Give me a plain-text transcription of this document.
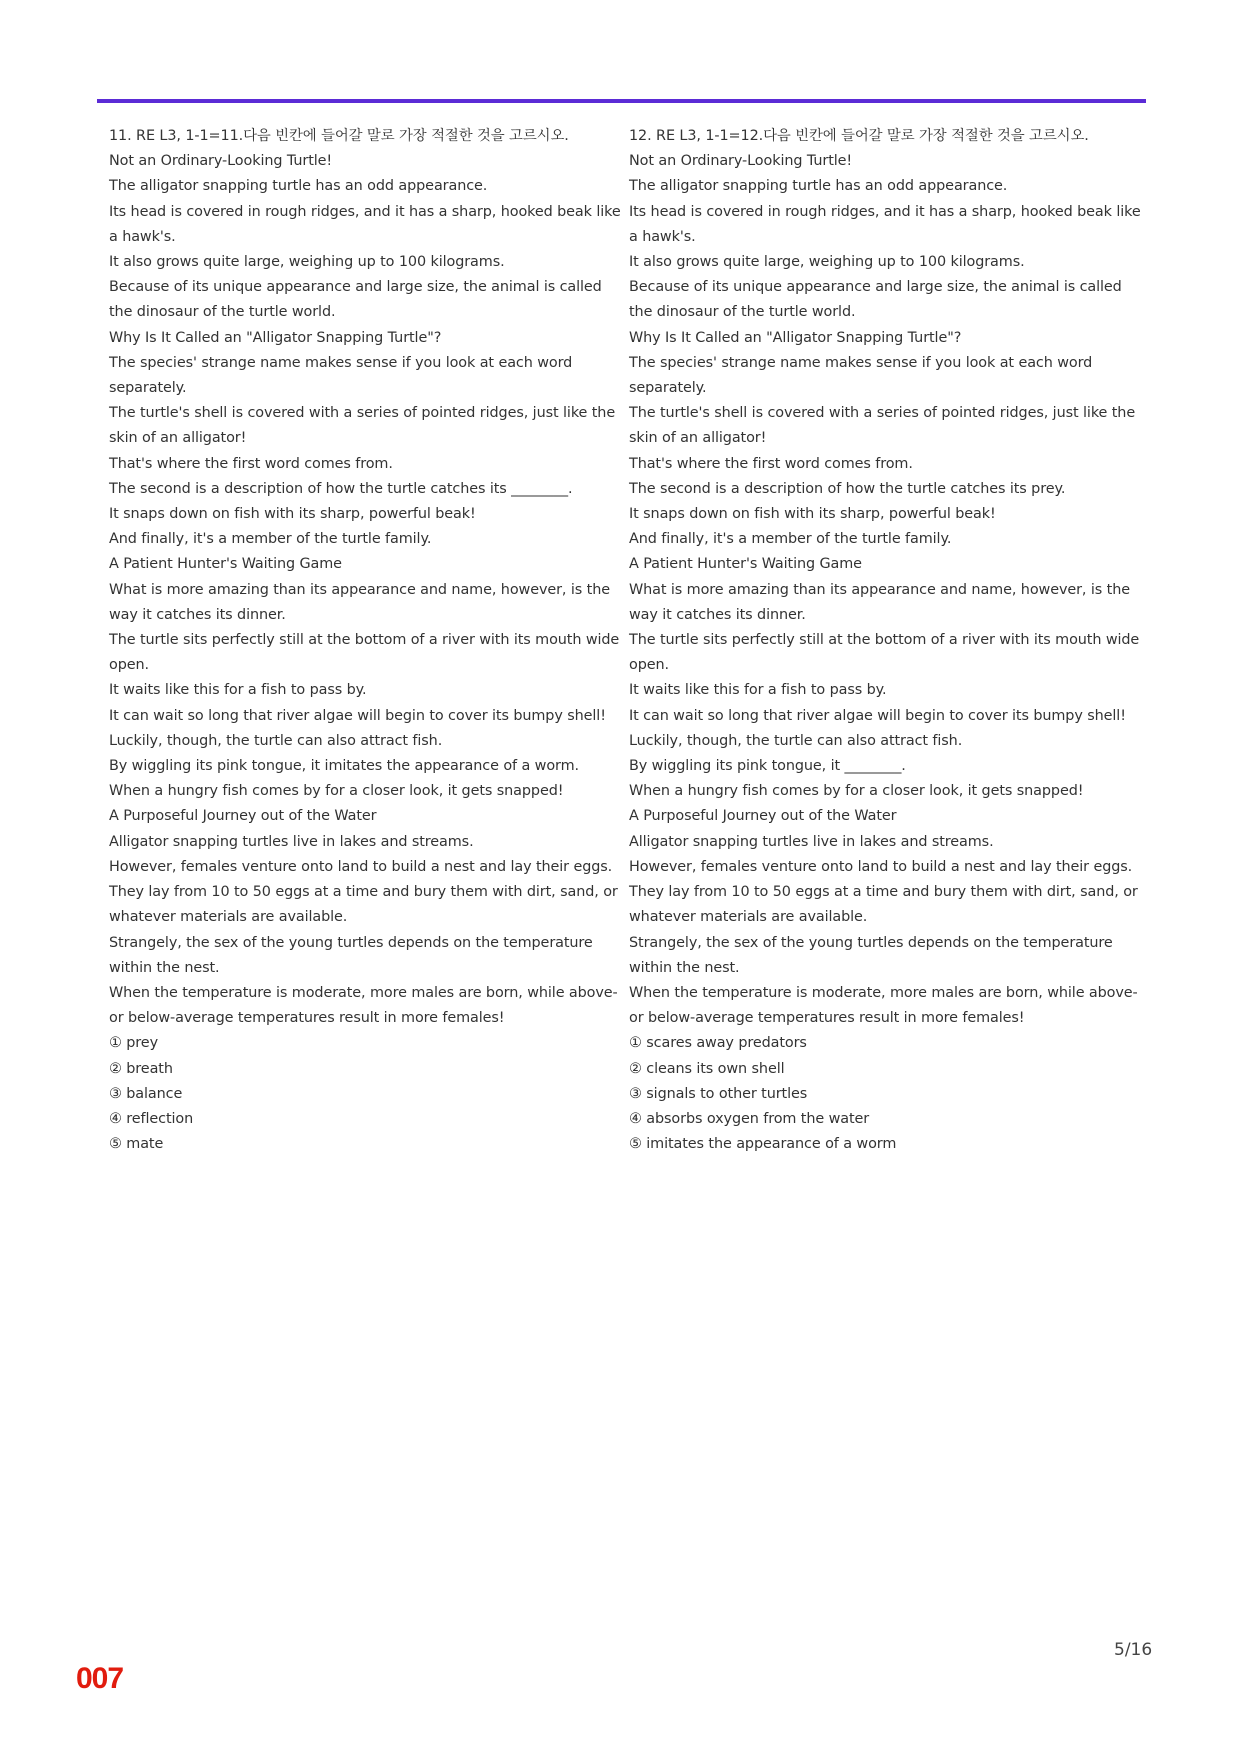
11. RE L3, 1-1=11.다음 빈칸에 들어갈 말로 가장 적절한 것을 고르시오.

Not an Ordinary-Looking Turtle!

The alligator snapping turtle has an odd appearance.

Its head is covered in rough ridges, and it has a sharp, hooked beak like a hawk's.

It also grows quite large, weighing up to 100 kilograms.

Because of its unique appearance and large size, the animal is called the dinosaur of the turtle world.

Why Is It Called an "Alligator Snapping Turtle"?

The species' strange name makes sense if you look at each word separately.

The turtle's shell is covered with a series of pointed ridges, just like the skin of an alligator!

That's where the first word comes from.

The second is a description of how the turtle catches its ________.

It snaps down on fish with its sharp, powerful beak!

And finally, it's a member of the turtle family.

A Patient Hunter's Waiting Game

What is more amazing than its appearance and name, however, is the way it catches its dinner.

The turtle sits perfectly still at the bottom of a river with its mouth wide open.

It waits like this for a fish to pass by.

It can wait so long that river algae will begin to cover its bumpy shell!

Luckily, though, the turtle can also attract fish.

By wiggling its pink tongue, it imitates the appearance of a worm.

When a hungry fish comes by for a closer look, it gets snapped!

A Purposeful Journey out of the Water

Alligator snapping turtles live in lakes and streams.

However, females venture onto land to build a nest and lay their eggs.

They lay from 10 to 50 eggs at a time and bury them with dirt, sand, or whatever materials are available.

Strangely, the sex of the young turtles depends on the temperature within the nest.

When the temperature is moderate, more males are born, while above- or below-average temperatures result in more females!

① prey

② breath

③ balance

④ reflection

⑤ mate

12. RE L3, 1-1=12.다음 빈칸에 들어갈 말로 가장 적절한 것을 고르시오.

Not an Ordinary-Looking Turtle!

The alligator snapping turtle has an odd appearance.

Its head is covered in rough ridges, and it has a sharp, hooked beak like a hawk's.

It also grows quite large, weighing up to 100 kilograms.

Because of its unique appearance and large size, the animal is called the dinosaur of the turtle world.

Why Is It Called an "Alligator Snapping Turtle"?

The species' strange name makes sense if you look at each word separately.

The turtle's shell is covered with a series of pointed ridges, just like the skin of an alligator!

That's where the first word comes from.

The second is a description of how the turtle catches its prey.

It snaps down on fish with its sharp, powerful beak!

And finally, it's a member of the turtle family.

A Patient Hunter's Waiting Game

What is more amazing than its appearance and name, however, is the way it catches its dinner.

The turtle sits perfectly still at the bottom of a river with its mouth wide open.

It waits like this for a fish to pass by.

It can wait so long that river algae will begin to cover its bumpy shell!

Luckily, though, the turtle can also attract fish.

By wiggling its pink tongue, it ________.

When a hungry fish comes by for a closer look, it gets snapped!

A Purposeful Journey out of the Water

Alligator snapping turtles live in lakes and streams.

However, females venture onto land to build a nest and lay their eggs.

They lay from 10 to 50 eggs at a time and bury them with dirt, sand, or whatever materials are available.

Strangely, the sex of the young turtles depends on the temperature within the nest.

When the temperature is moderate, more males are born, while above- or below-average temperatures result in more females!

① scares away predators

② cleans its own shell

③ signals to other turtles

④ absorbs oxygen from the water

⑤ imitates the appearance of a worm

5/16
007
